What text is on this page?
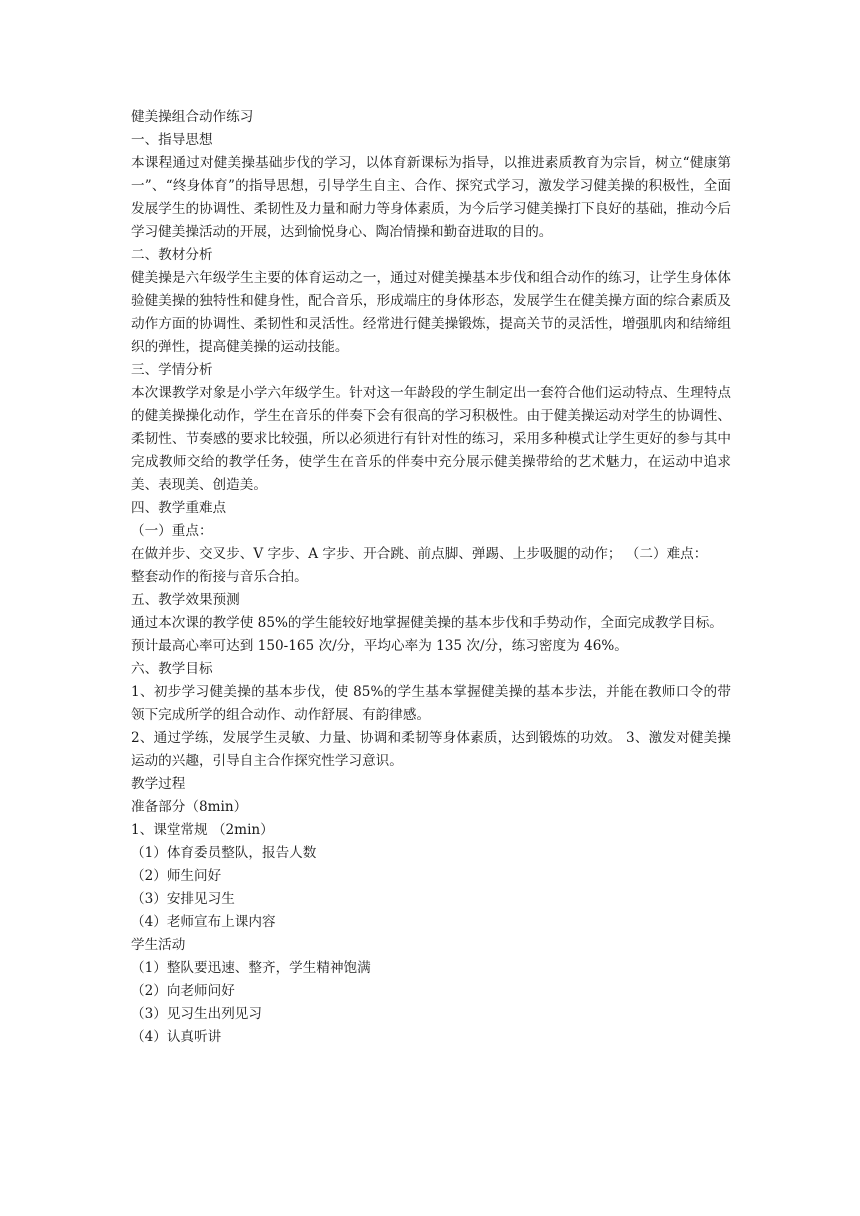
健美操组合动作练习

一、指导思想

本课程通过对健美操基础步伐的学习，以体育新课标为指导，以推进素质教育为宗旨，树立“健康第一”、“终身体育”的指导思想，引导学生自主、合作、探究式学习，激发学习健美操的积极性，全面发展学生的协调性、柔韧性及力量和耐力等身体素质，为今后学习健美操打下良好的基础，推动今后学习健美操活动的开展，达到愉悦身心、陶冶情操和勤奋进取的目的。

二、教材分析

健美操是六年级学生主要的体育运动之一，通过对健美操基本步伐和组合动作的练习，让学生身体体验健美操的独特性和健身性，配合音乐，形成端庄的身体形态，发展学生在健美操方面的综合素质及动作方面的协调性、柔韧性和灵活性。经常进行健美操锻炼，提高关节的灵活性，增强肌肉和结缔组织的弹性，提高健美操的运动技能。

三、学情分析

本次课教学对象是小学六年级学生。针对这一年龄段的学生制定出一套符合他们运动特点、生理特点的健美操操化动作，学生在音乐的伴奏下会有很高的学习积极性。由于健美操运动对学生的协调性、柔韧性、节奏感的要求比较强，所以必须进行有针对性的练习，采用多种模式让学生更好的参与其中完成教师交给的教学任务，使学生在音乐的伴奏中充分展示健美操带给的艺术魅力，在运动中追求美、表现美、创造美。

四、教学重难点

（一）重点：

在做并步、交叉步、V 字步、A 字步、开合跳、前点脚、弹踢、上步吸腿的动作； （二）难点：

整套动作的衔接与音乐合拍。

五、教学效果预测

通过本次课的教学使 85%的学生能较好地掌握健美操的基本步伐和手势动作，全面完成教学目标。

预计最高心率可达到 150-165 次/分，平均心率为 135 次/分，练习密度为 46%。

六、教学目标

1、初步学习健美操的基本步伐，使 85%的学生基本掌握健美操的基本步法，并能在教师口令的带领下完成所学的组合动作、动作舒展、有韵律感。

2、通过学练，发展学生灵敏、力量、协调和柔韧等身体素质，达到锻炼的功效。 3、激发对健美操运动的兴趣，引导自主合作探究性学习意识。

教学过程

准备部分（8min）

1、课堂常规 （2min）

（1）体育委员整队，报告人数

（2）师生问好

（3）安排见习生

（4）老师宣布上课内容

学生活动

（1）整队要迅速、整齐，学生精神饱满

（2）向老师问好

（3）见习生出列见习

（4）认真听讲
